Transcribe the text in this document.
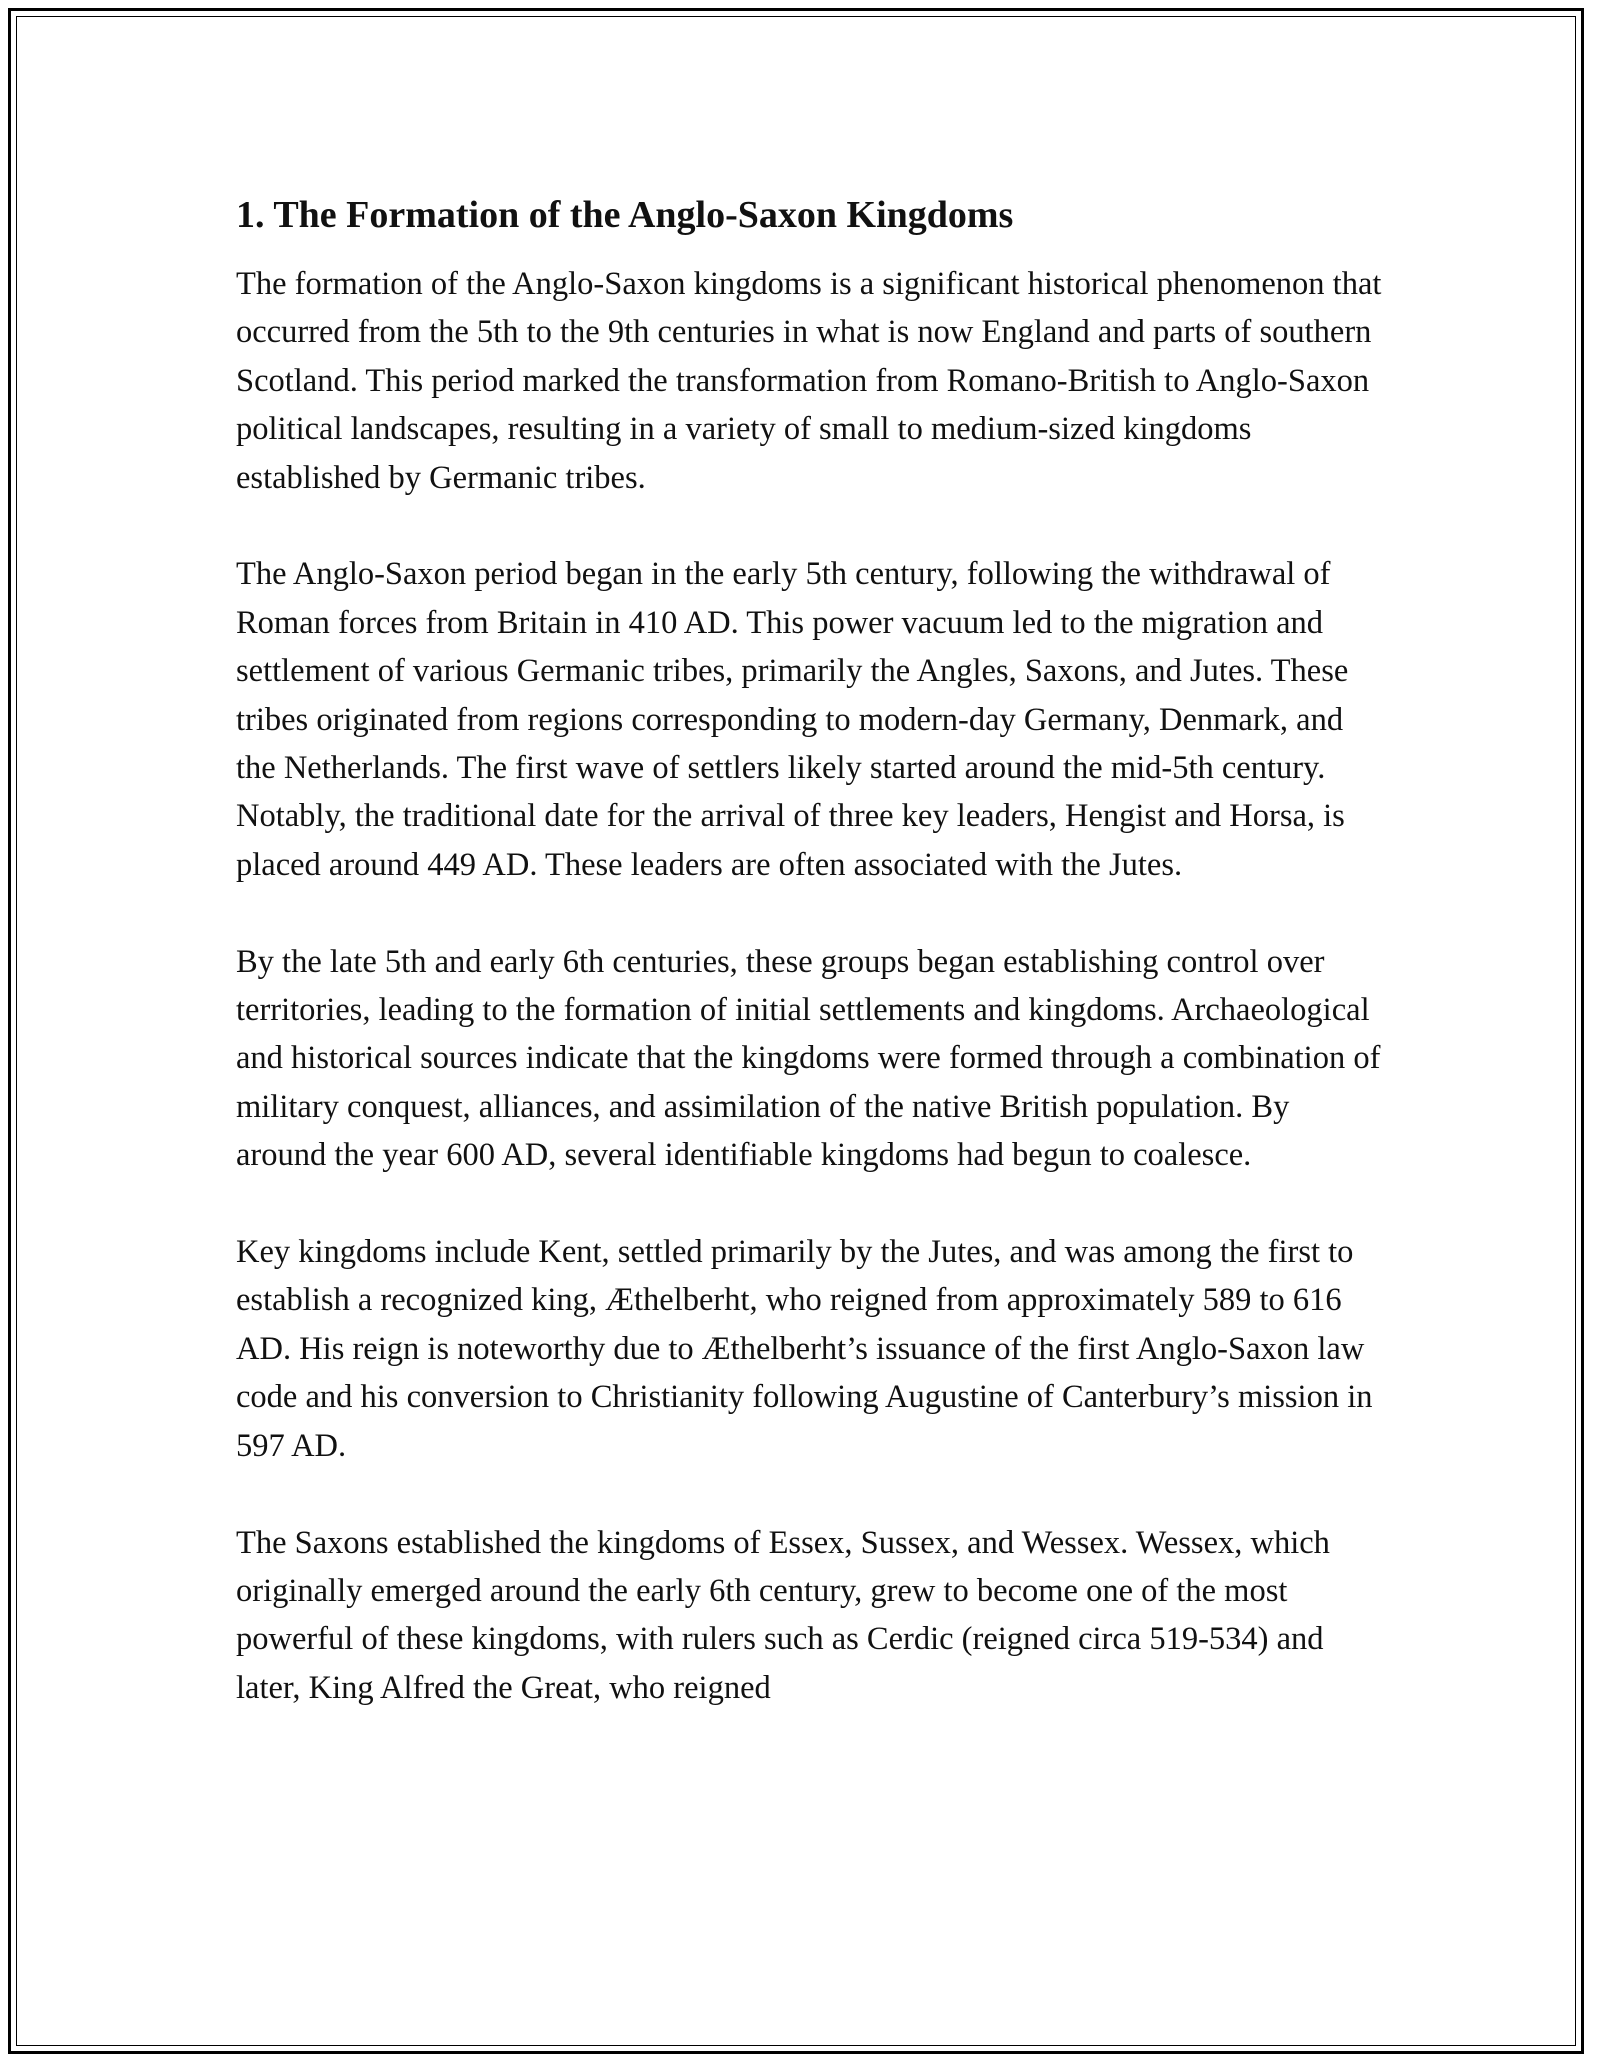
1. The Formation of the Anglo-Saxon Kingdoms

The formation of the Anglo-Saxon kingdoms is a significant historical phenomenon that occurred from the 5th to the 9th centuries in what is now England and parts of southern Scotland. This period marked the transformation from Romano-British to Anglo-Saxon political landscapes, resulting in a variety of small to medium-sized kingdoms established by Germanic tribes.

The Anglo-Saxon period began in the early 5th century, following the withdrawal of Roman forces from Britain in 410 AD. This power vacuum led to the migration and settlement of various Germanic tribes, primarily the Angles, Saxons, and Jutes. These tribes originated from regions corresponding to modern-day Germany, Denmark, and the Netherlands. The first wave of settlers likely started around the mid-5th century. Notably, the traditional date for the arrival of three key leaders, Hengist and Horsa, is placed around 449 AD. These leaders are often associated with the Jutes.

By the late 5th and early 6th centuries, these groups began establishing control over territories, leading to the formation of initial settlements and kingdoms. Archaeological and historical sources indicate that the kingdoms were formed through a combination of military conquest, alliances, and assimilation of the native British population. By around the year 600 AD, several identifiable kingdoms had begun to coalesce.

Key kingdoms include Kent, settled primarily by the Jutes, and was among the first to establish a recognized king, Æthelberht, who reigned from approximately 589 to 616 AD. His reign is noteworthy due to Æthelberht’s issuance of the first Anglo-Saxon law code and his conversion to Christianity following Augustine of Canterbury’s mission in 597 AD.

The Saxons established the kingdoms of Essex, Sussex, and Wessex. Wessex, which originally emerged around the early 6th century, grew to become one of the most powerful of these kingdoms, with rulers such as Cerdic (reigned circa 519-534) and later, King Alfred the Great, who reigned
